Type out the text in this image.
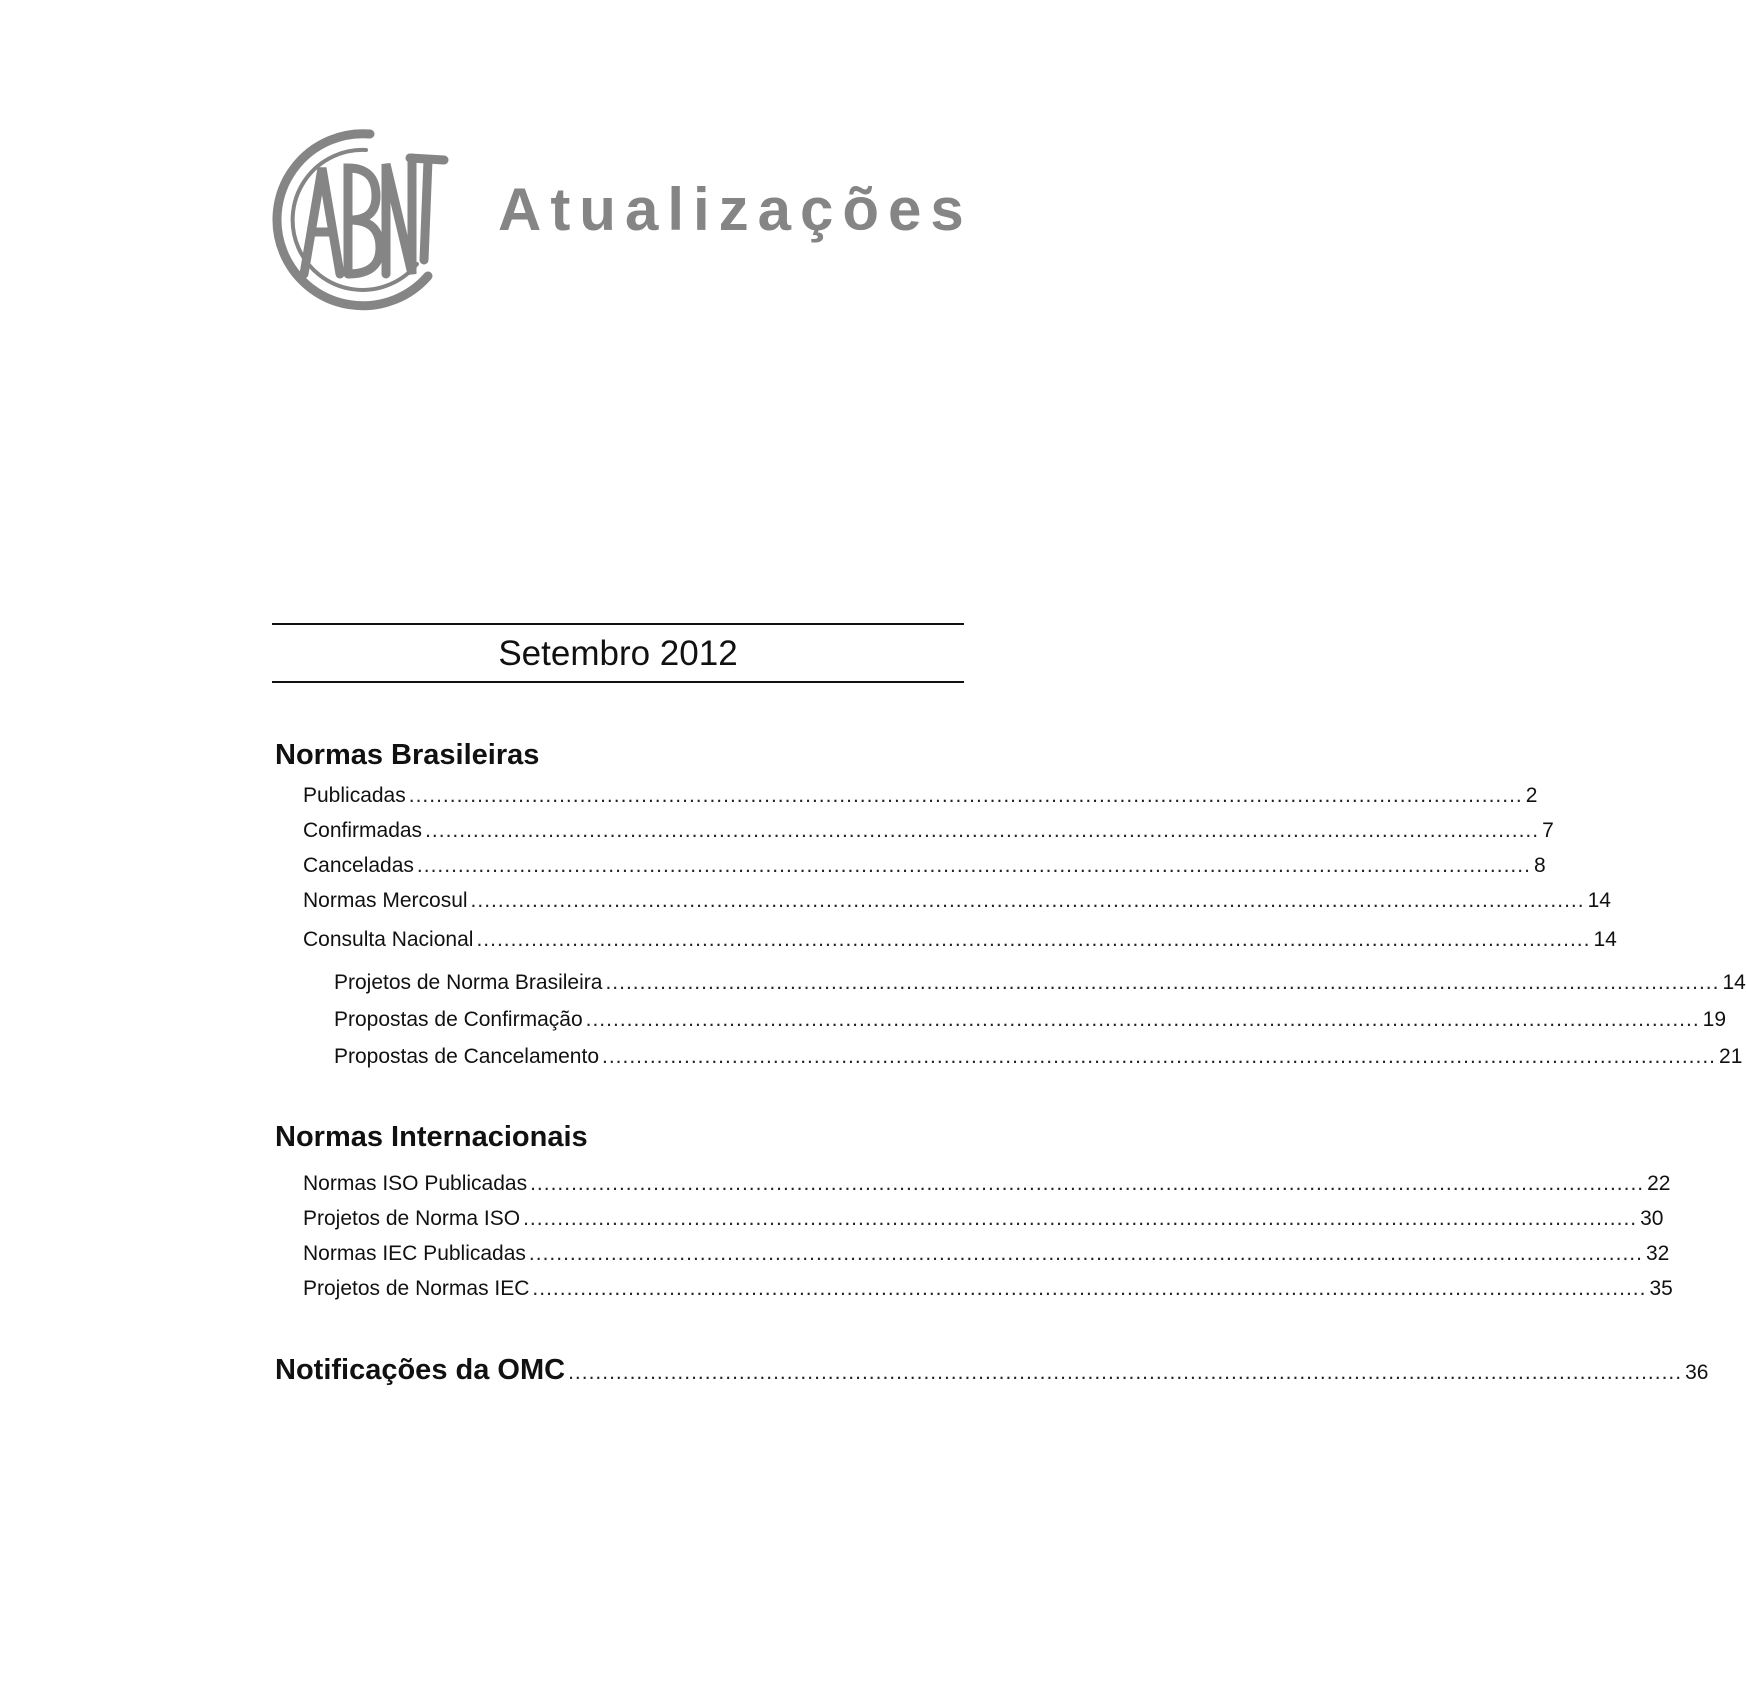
Atualizações
Setembro 2012
Normas Brasileiras
Publicadas ................................................................................................................................................................... 2
Confirmadas ................................................................................................................................................................... 7
Canceladas ................................................................................................................................................................... 8
Normas Mercosul ................................................................................................................................................................... 14
Consulta Nacional ................................................................................................................................................................... 14
Projetos de Norma Brasileira ................................................................................................................................................................... 14
Propostas de Confirmação ................................................................................................................................................................... 19
Propostas de Cancelamento ................................................................................................................................................................... 21
Normas Internacionais
Normas ISO Publicadas ................................................................................................................................................................... 22
Projetos de Norma ISO ................................................................................................................................................................... 30
Normas IEC Publicadas ................................................................................................................................................................... 32
Projetos de Normas IEC ................................................................................................................................................................... 35
Notificações da OMC ................................................................................................................................................................... 36
